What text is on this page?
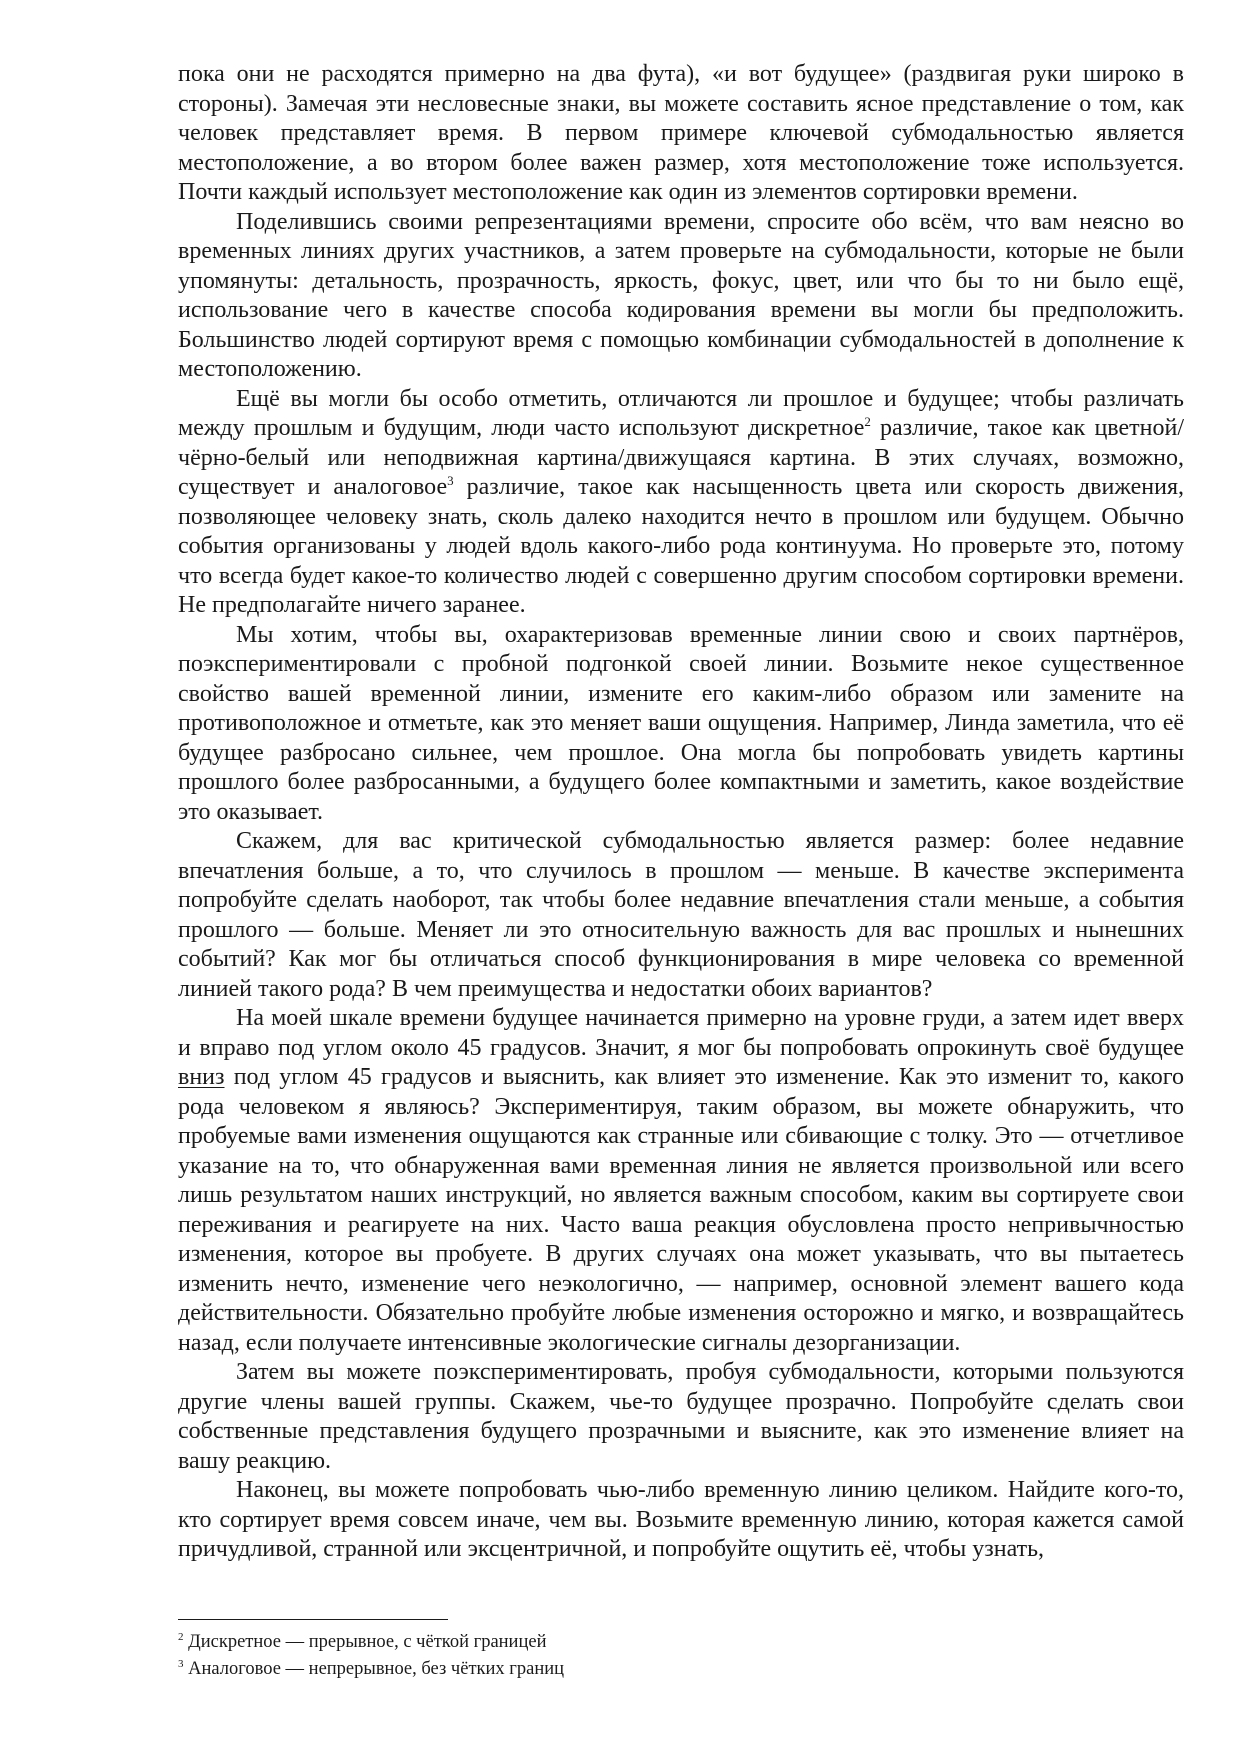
пока они не расходятся примерно на два фута), «и вот будущее» (раздвигая руки широко в стороны). Замечая эти несловесные знаки, вы можете составить ясное представление о том, как человек представляет время. В первом примере ключевой субмодальностью является местоположение, а во втором более важен размер, хотя местоположение тоже используется. Почти каждый использует местоположение как один из элементов сортировки времени.

Поделившись своими репрезентациями времени, спросите обо всём, что вам неясно во временных линиях других участников, а затем проверьте на субмодальности, которые не были упомянуты: детальность, прозрачность, яркость, фокус, цвет, или что бы то ни было ещё, использование чего в качестве способа кодирования времени вы могли бы предположить. Большинство людей сортируют время с помощью комбинации субмодальностей в дополнение к местоположению.

Ещё вы могли бы особо отметить, отличаются ли прошлое и будущее; чтобы различать между прошлым и будущим, люди часто используют дискретное$^2$ различие, такое как цветной/чёрно-белый или неподвижная картина/движущаяся картина. В этих случаях, возможно, существует и аналоговое$^3$ различие, такое как насыщенность цвета или скорость движения, позволяющее человеку знать, сколь далеко находится нечто в прошлом или будущем. Обычно события организованы у людей вдоль какого-либо рода континуума. Но проверьте это, потому что всегда будет какое-то количество людей с совершенно другим способом сортировки времени. Не предполагайте ничего заранее.

Мы хотим, чтобы вы, охарактеризовав временные линии свою и своих партнёров, поэкспериментировали с пробной подгонкой своей линии. Возьмите некое существенное свойство вашей временной линии, измените его каким-либо образом или замените на противоположное и отметьте, как это меняет ваши ощущения. Например, Линда заметила, что её будущее разбросано сильнее, чем прошлое. Она могла бы попробовать увидеть картины прошлого более разбросанными, а будущего более компактными и заметить, какое воздействие это оказывает.

Скажем, для вас критической субмодальностью является размер: более недавние впечатления больше, а то, что случилось в прошлом — меньше. В качестве эксперимента попробуйте сделать наоборот, так чтобы более недавние впечатления стали меньше, а события прошлого — больше. Меняет ли это относительную важность для вас прошлых и нынешних событий? Как мог бы отличаться способ функционирования в мире человека со временной линией такого рода? В чем преимущества и недостатки обоих вариантов?

На моей шкале времени будущее начинается примерно на уровне груди, а затем идет вверх и вправо под углом около 45 градусов. Значит, я мог бы попробовать опрокинуть своё будущее вниз под углом 45 градусов и выяснить, как влияет это изменение. Как это изменит то, какого рода человеком я являюсь? Экспериментируя, таким образом, вы можете обнаружить, что пробуемые вами изменения ощущаются как странные или сбивающие с толку. Это — отчетливое указание на то, что обнаруженная вами временная линия не является произвольной или всего лишь результатом наших инструкций, но является важным способом, каким вы сортируете свои переживания и реагируете на них. Часто ваша реакция обусловлена просто непривычностью изменения, которое вы пробуете. В других случаях она может указывать, что вы пытаетесь изменить нечто, изменение чего неэкологично, — например, основной элемент вашего кода действительности. Обязательно пробуйте любые изменения осторожно и мягко, и возвращайтесь назад, если получаете интенсивные экологические сигналы дезорганизации.

Затем вы можете поэкспериментировать, пробуя субмодальности, которыми пользуются другие члены вашей группы. Скажем, чье-то будущее прозрачно. Попробуйте сделать свои собственные представления будущего прозрачными и выясните, как это изменение влияет на вашу реакцию.

Наконец, вы можете попробовать чью-либо временную линию целиком. Найдите кого-то, кто сортирует время совсем иначе, чем вы. Возьмите временную линию, которая кажется самой причудливой, странной или эксцентричной, и попробуйте ощутить её, чтобы узнать,

$^2$ Дискретное — прерывное, с чёткой границей
$^3$ Аналоговое — непрерывное, без чётких границ
